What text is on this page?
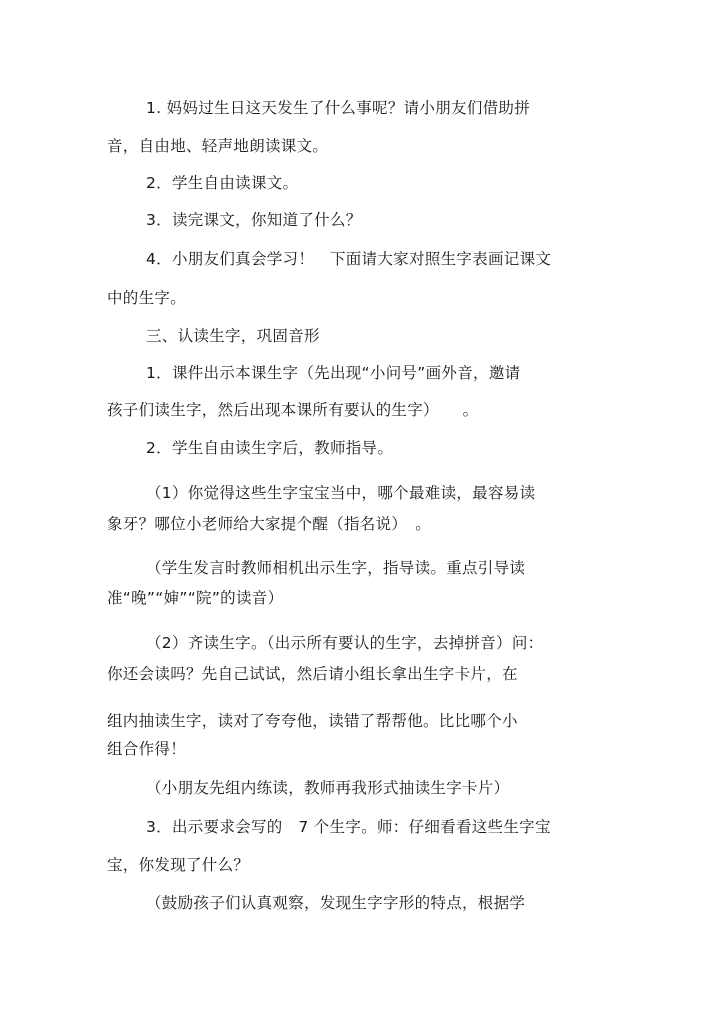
1. 妈妈过生日这天发生了什么事呢？请小朋友们借助拼
音，自由地、轻声地朗读课文。
2．学生自由读课文。
3．读完课文，你知道了什么？
4．小朋友们真会学习！　下面请大家对照生字表画记课文
中的生字。
三、认读生字，巩固音形
1．课件出示本课生字（先出现“小问号”画外音，邀请
孩子们读生字，然后出现本课所有要认的生字）　　。
2．学生自由读生字后，教师指导。
（1）你觉得这些生字宝宝当中，哪个最难读，最容易读
象牙？哪位小老师给大家提个醒（指名说）　。
（学生发言时教师相机出示生字，指导读。重点引导读
准“晚”“婶”“院”的读音）
（2）齐读生字。（出示所有要认的生字，去掉拼音）问：
你还会读吗？先自己试试，然后请小组长拿出生字卡片，在
组内抽读生字，读对了夸夸他，读错了帮帮他。比比哪个小
组合作得！
（小朋友先组内练读，教师再我形式抽读生字卡片）
3．出示要求会写的　7 个生字。师：仔细看看这些生字宝
宝，你发现了什么？
（鼓励孩子们认真观察，发现生字字形的特点，根据学
